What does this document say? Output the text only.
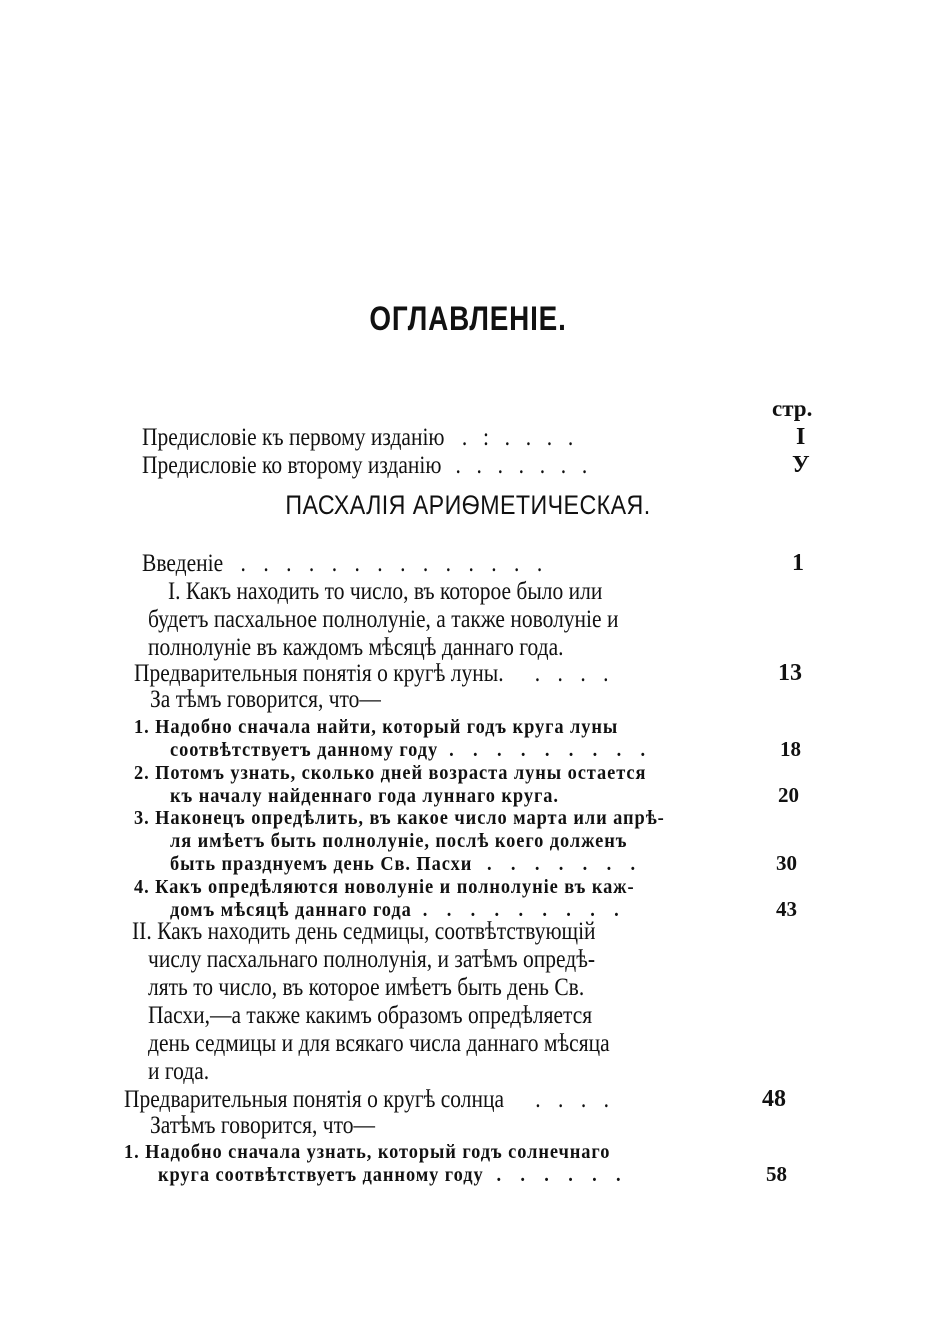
ОГЛАВЛЕНІЕ.
стр.
Предисловіе къ первому изданію . : . . . .	I
Предисловіе ко второму изданію . . . . . . .	У
ПАСХАЛІЯ АРИѲМЕТИЧЕСКАЯ.
Введеніе . . . . . . . . . . . . . .	1
I. Какъ находить то число, въ которое было или
будетъ пасхальное полнолуніе, а также новолуніе и
полнолуніе въ каждомъ мѣсяцѣ даннаго года.
Предварительныя понятія о кругѣ луны. . . . .	13
За тѣмъ говорится, что—
1. Надобно сначала найти, который годъ круга луны
соотвѣтствуетъ данному году . . . . . . . . .	18
2. Потомъ узнать, сколько дней возраста луны остается
къ началу найденнаго года луннаго круга.	20
3. Наконецъ опредѣлить, въ какое число марта или апрѣ-
ля имѣетъ быть полнолуніе, послѣ коего долженъ
быть празднуемъ день Св. Пасхи . . . . . . .	30
4. Какъ опредѣляются новолуніе и полнолуніе въ каж-
домъ мѣсяцѣ даннаго года . . . . . . . . .	43
II. Какъ находить день седмицы, соотвѣтствующій
числу пасхальнаго полнолунія, и затѣмъ опредѣ-
лять то число, въ которое имѣетъ быть день Св.
Пасхи,—а также какимъ образомъ опредѣляется
день седмицы и для всякаго числа даннаго мѣсяца
и года.
Предварительныя понятія о кругѣ солнца . . . .	48
Затѣмъ говорится, что—
1. Надобно сначала узнать, который годъ солнечнаго
круга соотвѣтствуетъ данному году . . . . . .	58
